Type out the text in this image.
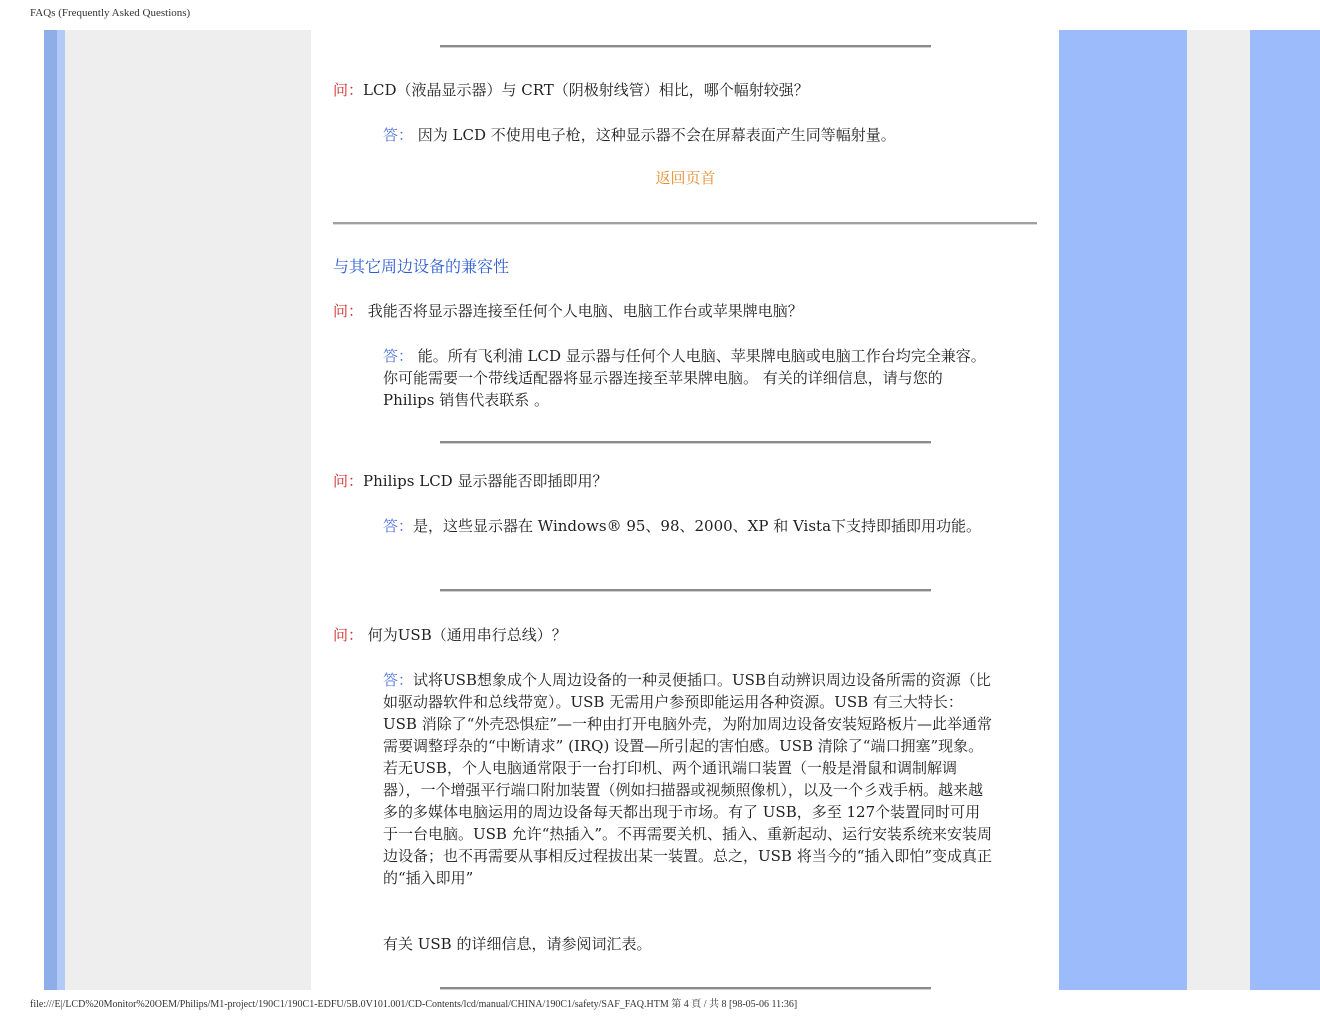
FAQs (Frequently Asked Questions)
问：LCD（液晶显示器）与 CRT（阴极射线管）相比，哪个幅射较强？
答： 因为 LCD 不使用电子枪，这种显示器不会在屏幕表面产生同等幅射量。
返回页首
与其它周边设备的兼容性
问： 我能否将显示器连接至任何个人电脑、电脑工作台或苹果牌电脑？
答： 能。所有飞利浦 LCD 显示器与任何个人电脑、苹果牌电脑或电脑工作台均完全兼容。你可能需要一个带线适配器将显示器连接至苹果牌电脑。 有关的详细信息，请与您的 Philips 销售代表联系 。
问：Philips LCD 显示器能否即插即用？
答：是，这些显示器在 Windows® 95、98、2000、XP 和 Vista下支持即插即用功能。
问： 何为USB（通用串行总线）？
答：试将USB想象成个人周边设备的一种灵便插口。USB自动辨识周边设备所需的资源（比如驱动器软件和总线带宽）。USB 无需用户参预即能运用各种资源。USB 有三大特长：USB 消除了“外壳恐惧症”—一种由打开电脑外壳，为附加周边设备安装短路板片—此举通常需要调整琈杂的“中断请求” (IRQ) 设置—所引起的害怕感。USB 清除了“端口拥塞”现象。若无USB，个人电脑通常限于一台打印机、两个通讯端口装置（一般是滑鼠和调制解调器），一个增强平行端口附加装置（例如扫描器或视频照像机），以及一个彡戏手柄。越来越多的多媒体电脑运用的周边设备每天都出现于市场。有了 USB，多至 127个装置同时可用于一台电脑。USB 允许“热插入”。不再需要关机、插入、重新起动、运行安装系统来安装周边设备；也不再需要从事相反过程拔出某一装置。总之，USB 将当今的“插入即怕”变成真正的“插入即用”
有关 USB 的详细信息，请参阅词汇表。
file:///E|/LCD%20Monitor%20OEM/Philips/M1-project/190C1/190C1-EDFU/5B.0V101.001/CD-Contents/lcd/manual/CHINA/190C1/safety/SAF_FAQ.HTM 第 4 頁 / 共 8 [98-05-06 11:36]
